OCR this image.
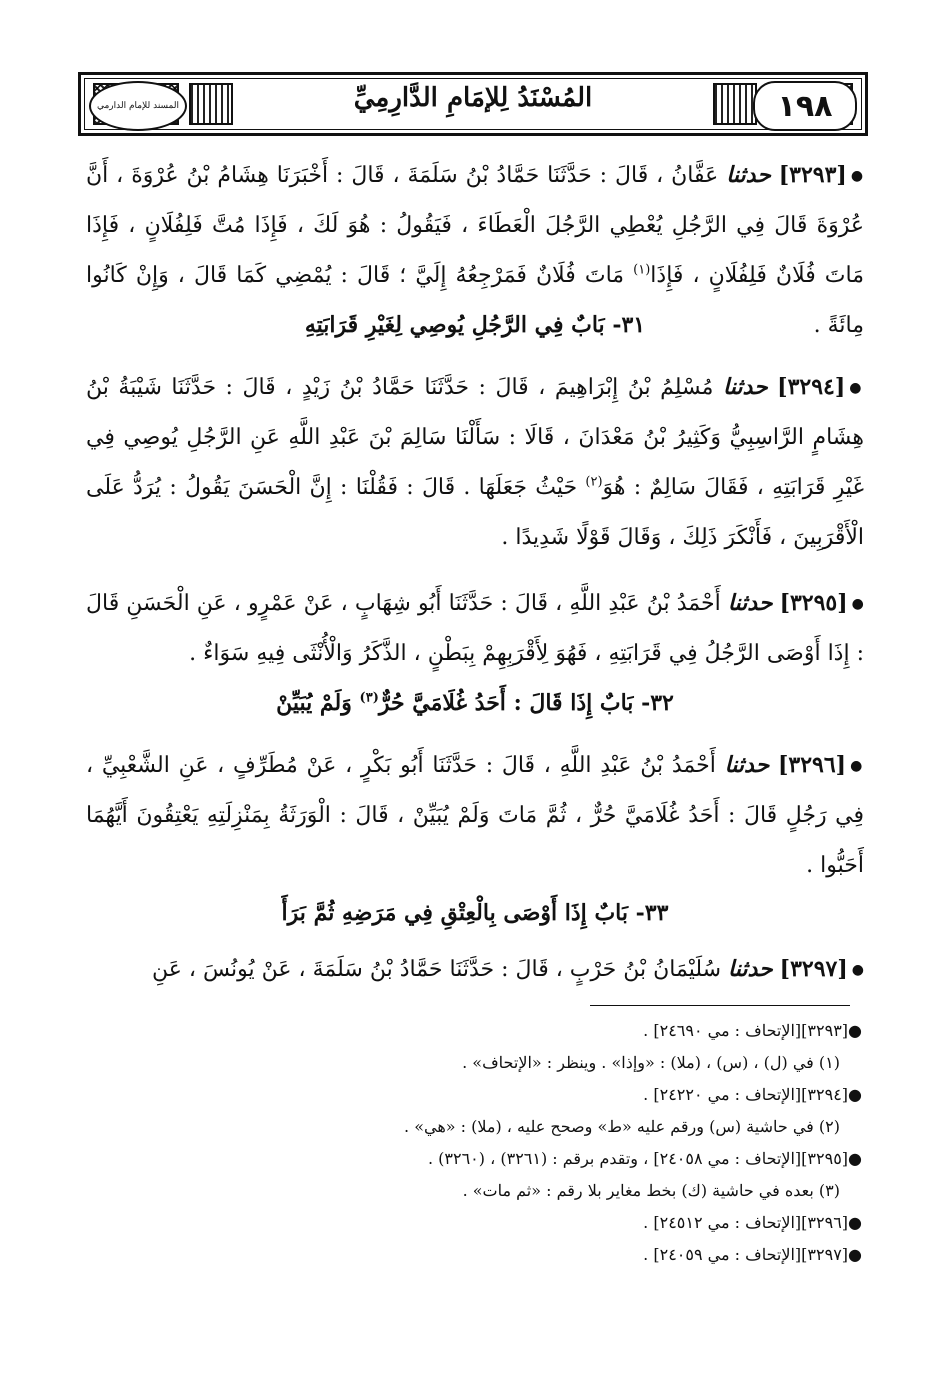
المسند للإمام الدارمي	المُسْنَدُ لِلإمَامِ الدَّارِمِيِّ	١٩٨

●[٣٢٩٣] حدثنا عَفَّانُ ، قَالَ : حَدَّثَنَا حَمَّادُ بْنُ سَلَمَةَ ، قَالَ : أَخْبَرَنَا هِشَامُ بْنُ عُرْوَةَ ، أَنَّ عُرْوَةَ قَالَ فِي الرَّجُلِ يُعْطِي الرَّجُلَ الْعَطَاءَ ، فَيَقُولُ : هُوَ لَكَ ، فَإِذَا مُتَّ فَلِفُلَانٍ ، فَإِذَا مَاتَ فُلَانٌ فَلِفُلَانٍ ، فَإِذَا$^{(١)}$ مَاتَ فُلَانٌ فَمَرْجِعُهُ إِلَيَّ ؛ قَالَ : يُمْضِي كَمَا قَالَ ، وَإِنْ كَانُوا مِائَةً .

٣١- بَابٌ فِي الرَّجُلِ يُوصِي لِغَيْرِ قَرَابَتِهِ

●[٣٢٩٤] حدثنا مُسْلِمُ بْنُ إِبْرَاهِيمَ ، قَالَ : حَدَّثَنَا حَمَّادُ بْنُ زَيْدٍ ، قَالَ : حَدَّثَنَا شَيْبَةُ بْنُ هِشَامٍ الرَّاسِبِيُّ وَكَثِيرُ بْنُ مَعْدَانَ ، قَالَا : سَأَلْنَا سَالِمَ بْنَ عَبْدِ اللَّهِ عَنِ الرَّجُلِ يُوصِي فِي غَيْرِ قَرَابَتِهِ ، فَقَالَ سَالِمٌ : هُوَ$^{(٢)}$ حَيْثُ جَعَلَهَا . قَالَ : فَقُلْنَا : إِنَّ الْحَسَنَ يَقُولُ : يُرَدُّ عَلَى الْأَقْرَبِينَ ، فَأَنْكَرَ ذَلِكَ ، وَقَالَ قَوْلًا شَدِيدًا .

●[٣٢٩٥] حدثنا أَحْمَدُ بْنُ عَبْدِ اللَّهِ ، قَالَ : حَدَّثَنَا أَبُو شِهَابٍ ، عَنْ عَمْرٍو ، عَنِ الْحَسَنِ قَالَ : إِذَا أَوْصَى الرَّجُلُ فِي قَرَابَتِهِ ، فَهُوَ لِأَقْرَبِهِمْ بِبَطْنٍ ، الذَّكَرُ وَالْأُنْثَى فِيهِ سَوَاءٌ .

٣٢- بَابٌ إِذَا قَالَ : أَحَدُ غُلَامَيَّ حُرٌّ$^{(٣)}$ وَلَمْ يُبَيِّنْ

●[٣٢٩٦] حدثنا أَحْمَدُ بْنُ عَبْدِ اللَّهِ ، قَالَ : حَدَّثَنَا أَبُو بَكْرٍ ، عَنْ مُطَرِّفٍ ، عَنِ الشَّعْبِيِّ ، فِي رَجُلٍ قَالَ : أَحَدُ غُلَامَيَّ حُرٌّ ، ثُمَّ مَاتَ وَلَمْ يُبَيِّنْ ، قَالَ : الْوَرَثَةُ بِمَنْزِلَتِهِ يَعْتِقُونَ أَيَّهُمَا أَحَبُّوا .

٣٣- بَابٌ إِذَا أَوْصَى بِالْعِتْقِ فِي مَرَضِهِ ثُمَّ بَرَأَ

●[٣٢٩٧] حدثنا سُلَيْمَانُ بْنُ حَرْبٍ ، قَالَ : حَدَّثَنَا حَمَّادُ بْنُ سَلَمَةَ ، عَنْ يُونُسَ ، عَنِ

●[٣٢٩٣][الإتحاف : مي ٢٤٦٩٠] .

(١) في (ل) ، (س) ، (ملا) : «وإذا» . وينظر : «الإتحاف» .

●[٣٢٩٤][الإتحاف : مي ٢٤٢٢٠] .

(٢) في حاشية (س) ورقم عليه «ط» وصحح عليه ، (ملا) : «هي» .

●[٣٢٩٥][الإتحاف : مي ٢٤٠٥٨] ، وتقدم برقم : (٣٢٦١) ، (٣٢٦٠) .

(٣) بعده في حاشية (ك) بخط مغاير بلا رقم : «ثم مات» .

●[٣٢٩٦][الإتحاف : مي ٢٤٥١٢] .

●[٣٢٩٧][الإتحاف : مي ٢٤٠٥٩] .
